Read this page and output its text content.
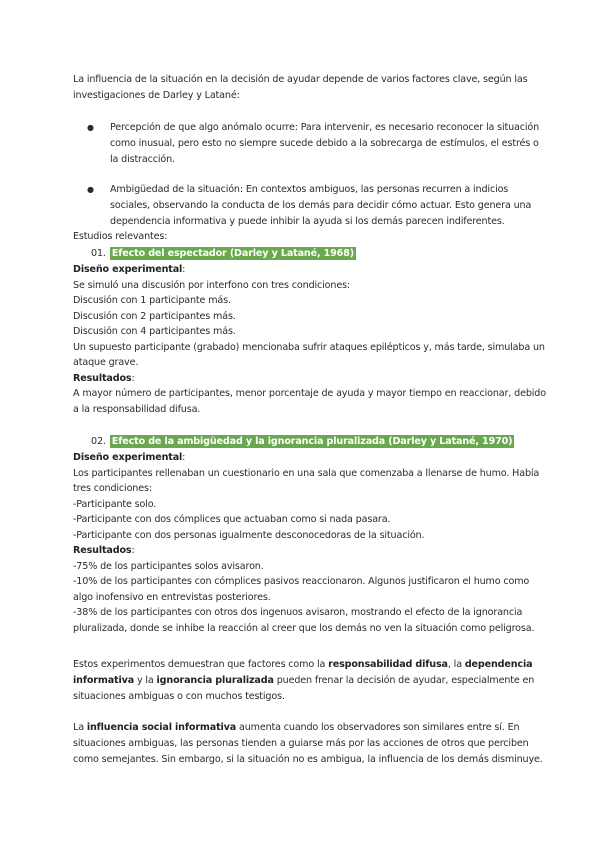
La influencia de la situación en la decisión de ayudar depende de varios factores clave, según las
investigaciones de Darley y Latané:
● Percepción de que algo anómalo ocurre: Para intervenir, es necesario reconocer la situación
como inusual, pero esto no siempre sucede debido a la sobrecarga de estímulos, el estrés o
la distracción.
● Ambigüedad de la situación: En contextos ambiguos, las personas recurren a indicios
sociales, observando la conducta de los demás para decidir cómo actuar. Esto genera una
dependencia informativa y puede inhibir la ayuda si los demás parecen indiferentes.
Estudios relevantes:
01. Efecto del espectador (Darley y Latané, 1968)
Diseño experimental:
Se simuló una discusión por interfono con tres condiciones:
Discusión con 1 participante más.
Discusión con 2 participantes más.
Discusión con 4 participantes más.
Un supuesto participante (grabado) mencionaba sufrir ataques epilépticos y, más tarde, simulaba un
ataque grave.
Resultados:
A mayor número de participantes, menor porcentaje de ayuda y mayor tiempo en reaccionar, debido
a la responsabilidad difusa.
02. Efecto de la ambigüedad y la ignorancia pluralizada (Darley y Latané, 1970)
Diseño experimental:
Los participantes rellenaban un cuestionario en una sala que comenzaba a llenarse de humo. Había
tres condiciones:
-Participante solo.
-Participante con dos cómplices que actuaban como si nada pasara.
-Participante con dos personas igualmente desconocedoras de la situación.
Resultados:
-75% de los participantes solos avisaron.
-10% de los participantes con cómplices pasivos reaccionaron. Algunos justificaron el humo como
algo inofensivo en entrevistas posteriores.
-38% de los participantes con otros dos ingenuos avisaron, mostrando el efecto de la ignorancia
pluralizada, donde se inhibe la reacción al creer que los demás no ven la situación como peligrosa.
Estos experimentos demuestran que factores como la responsabilidad difusa, la dependencia
informativa y la ignorancia pluralizada pueden frenar la decisión de ayudar, especialmente en
situaciones ambiguas o con muchos testigos.
La influencia social informativa aumenta cuando los observadores son similares entre sí. En
situaciones ambiguas, las personas tienden a guiarse más por las acciones de otros que perciben
como semejantes. Sin embargo, si la situación no es ambigua, la influencia de los demás disminuye.
